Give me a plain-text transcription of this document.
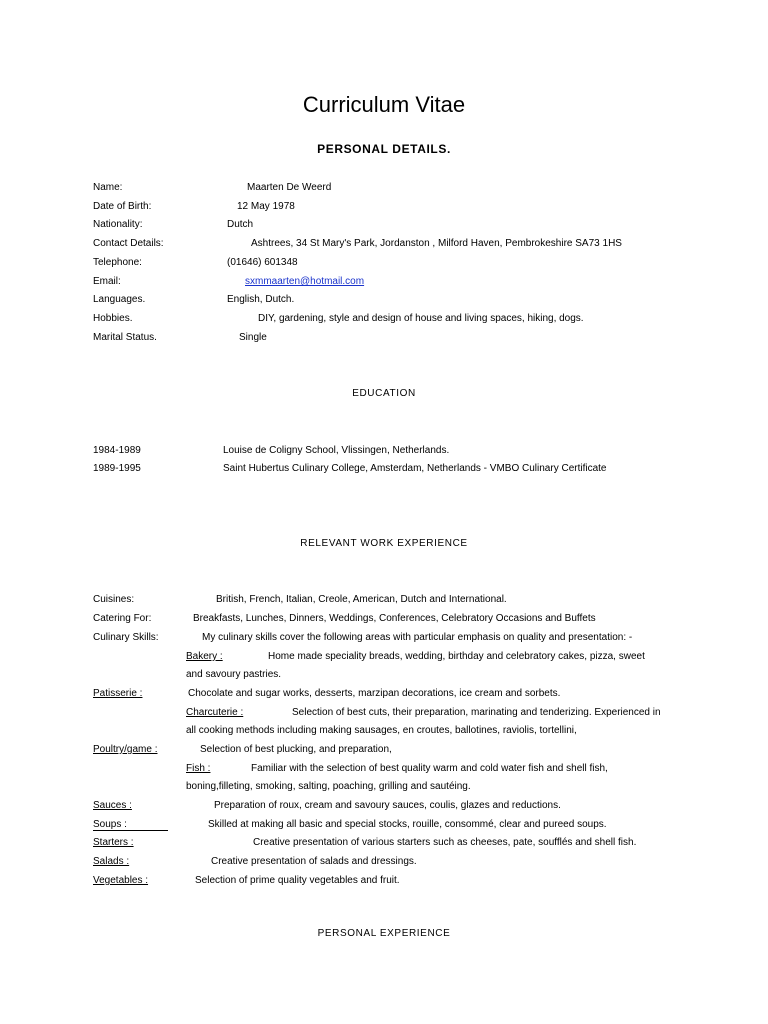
Curriculum Vitae
PERSONAL DETAILS.
Name:	Maarten De Weerd
Date of Birth:	12 May 1978
Nationality:	Dutch
Contact Details:	Ashtrees, 34 St Mary's Park, Jordanston , Milford Haven, Pembrokeshire SA73 1HS
Telephone:	(01646) 601348
Email:	sxmmaarten@hotmail.com
Languages.	English, Dutch.
Hobbies.	DIY, gardening, style and design of house and living spaces, hiking, dogs.
Marital Status.	Single
EDUCATION
1984-1989	Louise de Coligny School, Vlissingen, Netherlands.
1989-1995	Saint Hubertus Culinary College, Amsterdam, Netherlands - VMBO Culinary Certificate
RELEVANT WORK EXPERIENCE
Cuisines:	British, French, Italian, Creole, American, Dutch and International.
Catering For:	Breakfasts, Lunches, Dinners, Weddings, Conferences, Celebratory Occasions and Buffets
Culinary Skills:	My culinary skills cover the following areas with particular emphasis on quality and presentation: -
Bakery :	Home made speciality breads, wedding, birthday and celebratory cakes, pizza, sweet
and savoury pastries.
Patisserie :	Chocolate and sugar works, desserts, marzipan decorations, ice cream and sorbets.
Charcuterie :	Selection of best cuts, their preparation, marinating and tenderizing. Experienced in
all cooking methods including making sausages, en croutes, ballotines, raviolis, tortellini,
Poultry/game :	Selection of best plucking, and preparation,
Fish :	Familiar with the selection of best quality warm and cold water fish and shell fish,
boning,filleting, smoking, salting, poaching, grilling and sautéing.
Sauces :	Preparation of roux, cream and savoury sauces, coulis, glazes and reductions.
Soups :	Skilled at making all basic and special stocks, rouille, consommé, clear and pureed soups.
Starters :	Creative presentation of various starters such as cheeses, pate, soufflés and shell fish.
Salads :	Creative presentation of salads and dressings.
Vegetables :	Selection of prime quality vegetables and fruit.
PERSONAL EXPERIENCE
